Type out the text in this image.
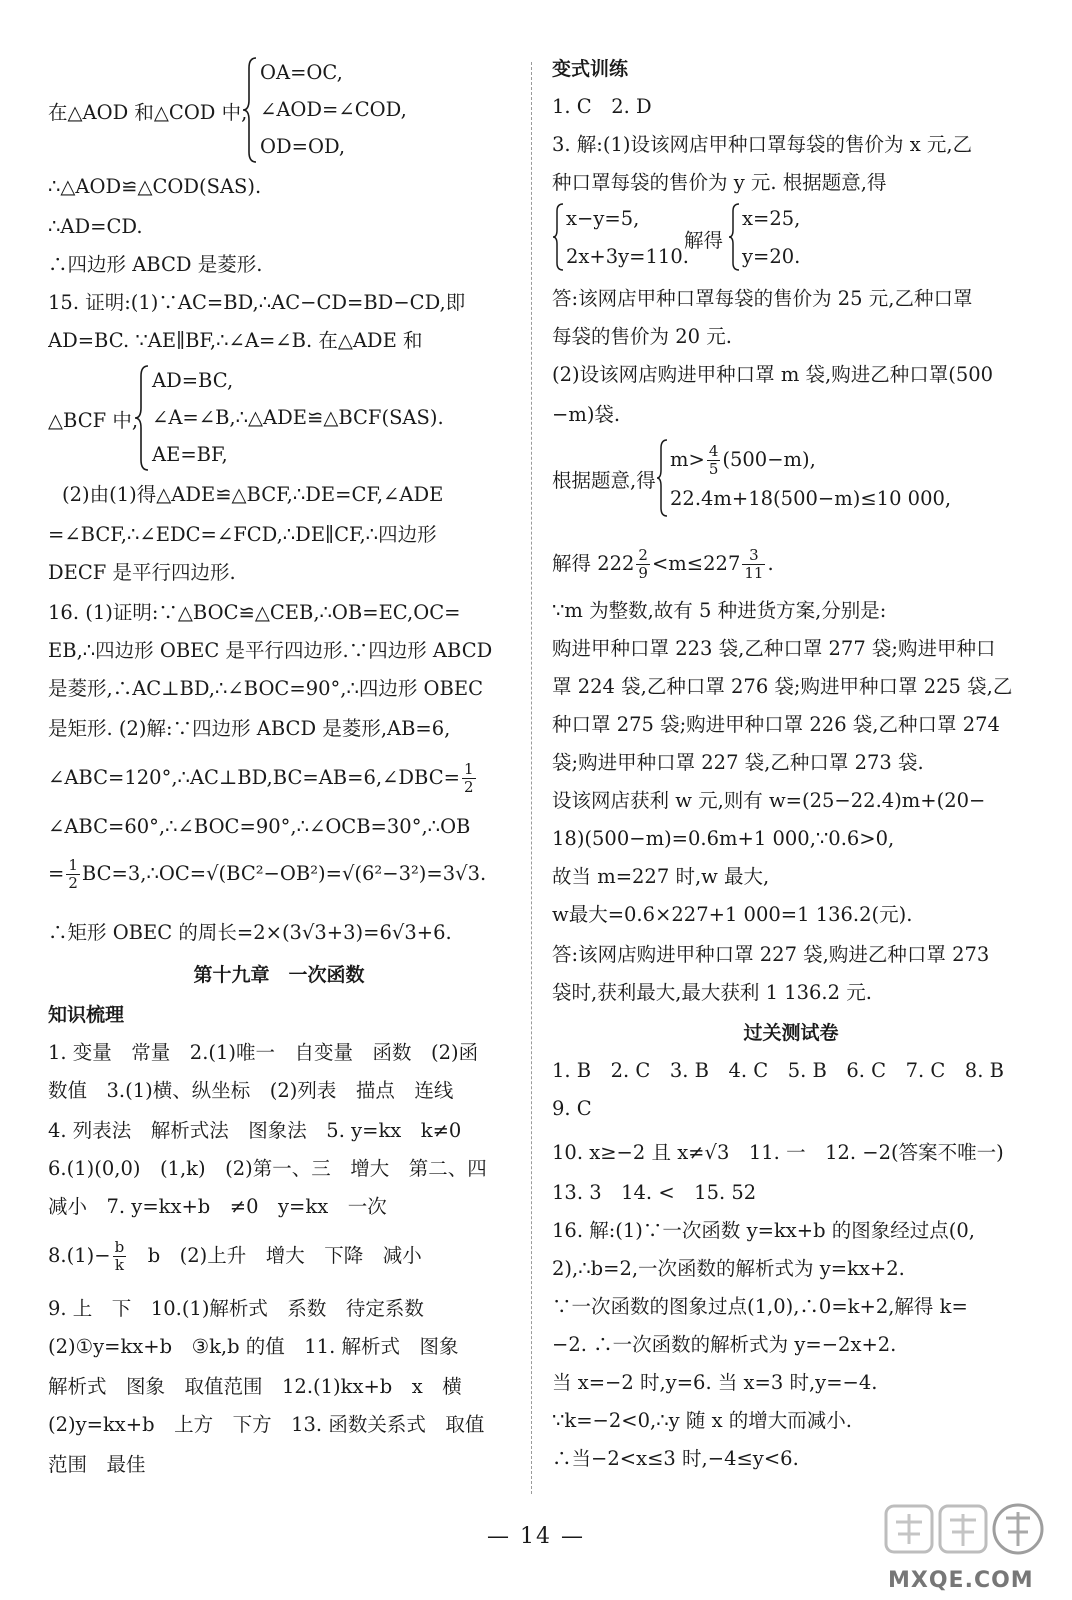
在△AOD 和△COD 中,
OA=OC,
∠AOD=∠COD,
OD=OD,
∴△AOD≌△COD(SAS).
∴AD=CD.
∴四边形 ABCD 是菱形.
15. 证明:(1)∵AC=BD,∴AC−CD=BD−CD,即
AD=BC. ∵AE∥BF,∴∠A=∠B. 在△ADE 和
△BCF 中,
AD=BC,
∠A=∠B,∴△ADE≌△BCF(SAS).
AE=BF,
(2)由(1)得△ADE≌△BCF,∴DE=CF,∠ADE
=∠BCF,∴∠EDC=∠FCD,∴DE∥CF,∴四边形
DECF 是平行四边形.
16. (1)证明:∵△BOC≌△CEB,∴OB=EC,OC=
EB,∴四边形 OBEC 是平行四边形.∵四边形 ABCD
是菱形,∴AC⊥BD,∴∠BOC=90°,∴四边形 OBEC
是矩形. (2)解:∵四边形 ABCD 是菱形,AB=6,
∠ABC=120°,∴AC⊥BD,BC=AB=6,∠DBC= $\frac{1}{2}$
∠ABC=60°,∴∠BOC=90°,∴∠OCB=30°,∴OB
= $\frac{1}{2}$ BC=3,∴OC=√(BC²−OB²)=√(6²−3²)=3√3.
∴矩形 OBEC 的周长=2×(3√3+3)=6√3+6.
第十九章　一次函数
知识梳理
1. 变量　常量　2.(1)唯一　自变量　函数　(2)函
数值　3.(1)横、纵坐标　(2)列表　描点　连线
4. 列表法　解析式法　图象法　5. y=kx　k≠0
6.(1)(0,0)　(1,k)　(2)第一、三　增大　第二、四
减小　7. y=kx+b　≠0　y=kx　一次
$8.(1)- \frac{b}{k}$ 　b　(2)上升　增大　下降　减小
9. 上　下　10.(1)解析式　系数　待定系数
(2)①y=kx+b　③k,b 的值　11. 解析式　图象
解析式　图象　取值范围　12.(1)kx+b　x　横
(2)y=kx+b　上方　下方　13. 函数关系式　取值
范围　最佳
变式训练
1. C　2. D
3. 解:(1)设该网店甲种口罩每袋的售价为 x 元,乙
种口罩每袋的售价为 y 元. 根据题意,得
x−y=5,
2x+3y=110.
解得
x=25,
y=20.
答:该网店甲种口罩每袋的售价为 25 元,乙种口罩
每袋的售价为 20 元.
(2)设该网店购进甲种口罩 m 袋,购进乙种口罩(500
−m)袋.
根据题意,得
$m> \frac{4}{5} (500-m)$,
22.4m+18(500−m)≤10 000,
解得 $222 \frac{2}{9} <m\le 227 \frac{3}{11}$ .
∵m 为整数,故有 5 种进货方案,分别是:
购进甲种口罩 223 袋,乙种口罩 277 袋;购进甲种口
罩 224 袋,乙种口罩 276 袋;购进甲种口罩 225 袋,乙
种口罩 275 袋;购进甲种口罩 226 袋,乙种口罩 274
袋;购进甲种口罩 227 袋,乙种口罩 273 袋.
设该网店获利 w 元,则有 w=(25−22.4)m+(20−
18)(500−m)=0.6m+1 000,∵0.6>0,
故当 m=227 时,w 最大,
w最大=0.6×227+1 000=1 136.2(元).
答:该网店购进甲种口罩 227 袋,购进乙种口罩 273
袋时,获利最大,最大获利 1 136.2 元.
过关测试卷
1. B　2. C　3. B　4. C　5. B　6. C　7. C　8. B
9. C
10. x≥−2 且 x≠√3　11. 一　12. −2(答案不唯一)
13. 3　14. <　15. 52
16. 解:(1)∵一次函数 y=kx+b 的图象经过点(0,
2),∴b=2,一次函数的解析式为 y=kx+2.
∵一次函数的图象过点(1,0),∴0=k+2,解得 k=
−2. ∴一次函数的解析式为 y=−2x+2.
当 x=−2 时,y=6. 当 x=3 时,y=−4.
∵k=−2<0,∴y 随 x 的增大而减小.
∴当−2<x≤3 时,−4≤y<6.
— 14 —
MXQE.COM
